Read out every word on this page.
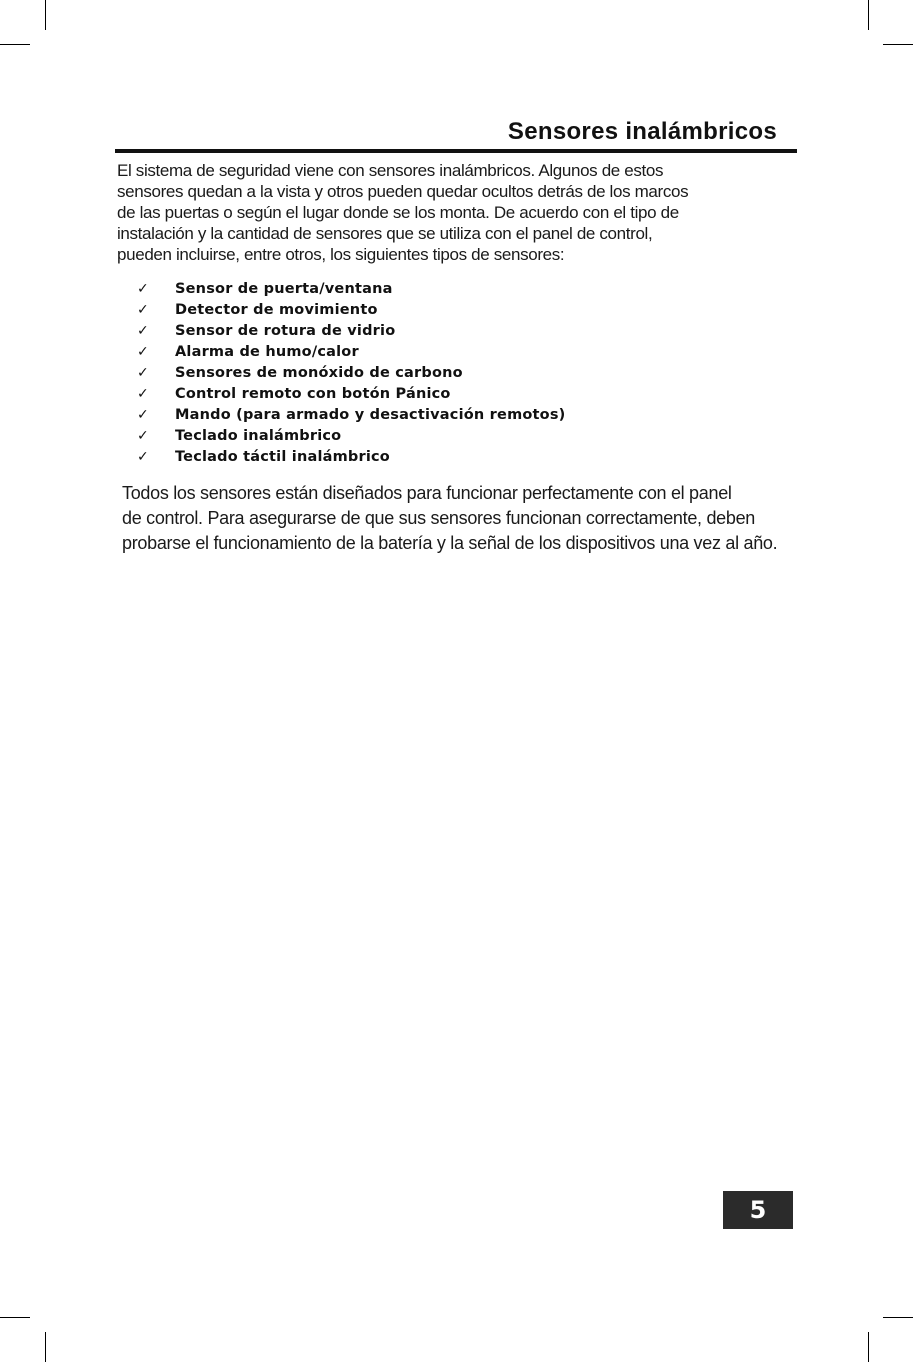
Sensores inalámbricos

El sistema de seguridad viene con sensores inalámbricos. Algunos de estos
sensores quedan a la vista y otros pueden quedar ocultos detrás de los marcos
de las puertas o según el lugar donde se los monta. De acuerdo con el tipo de
instalación y la cantidad de sensores que se utiliza con el panel de control,
pueden incluirse, entre otros, los siguientes tipos de sensores:

✓	Sensor de puerta/ventana
✓	Detector de movimiento
✓	Sensor de rotura de vidrio
✓	Alarma de humo/calor
✓	Sensores de monóxido de carbono
✓	Control remoto con botón Pánico
✓	Mando (para armado y desactivación remotos)
✓	Teclado inalámbrico
✓	Teclado táctil inalámbrico

Todos los sensores están diseñados para funcionar perfectamente con el panel
de control. Para asegurarse de que sus sensores funcionan correctamente, deben
probarse el funcionamiento de la batería y la señal de los dispositivos una vez al año.

5
